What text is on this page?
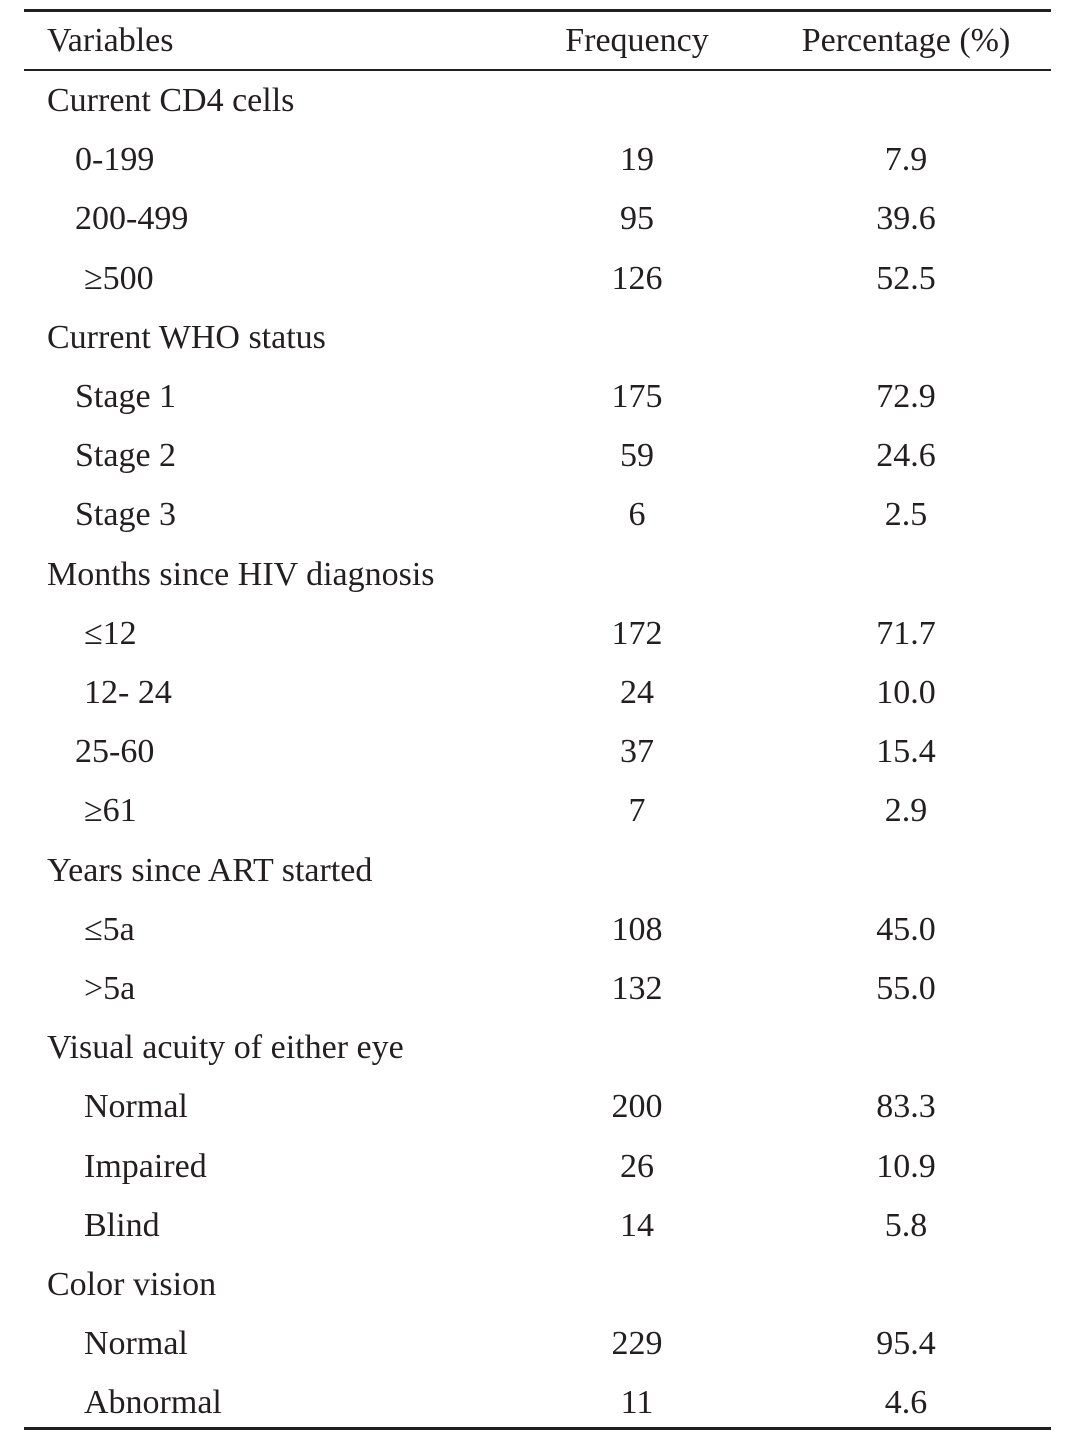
Variables	Frequency	Percentage (%)
Current CD4 cells
0-199	19	7.9
200-499	95	39.6
≥500	126	52.5
Current WHO status
Stage 1	175	72.9
Stage 2	59	24.6
Stage 3	6	2.5
Months since HIV diagnosis
≤12	172	71.7
12- 24	24	10.0
25-60	37	15.4
≥61	7	2.9
Years since ART started
≤5a	108	45.0
>5a	132	55.0
Visual acuity of either eye
Normal	200	83.3
Impaired	26	10.9
Blind	14	5.8
Color vision
Normal	229	95.4
Abnormal	11	4.6
